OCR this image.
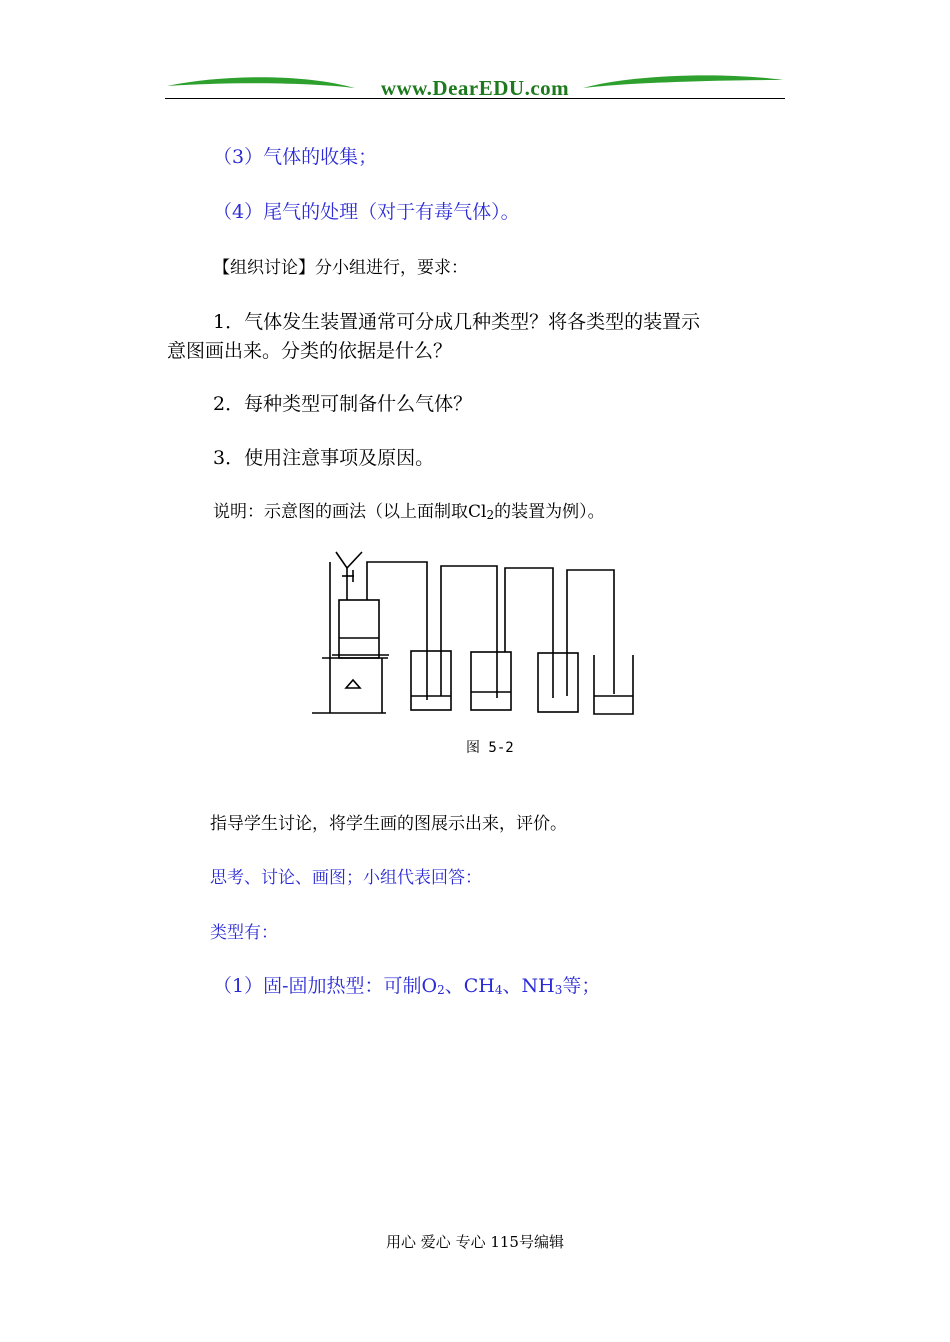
www.DearEDU.com
（3）气体的收集；
（4）尾气的处理（对于有毒气体）。
【组织讨论】分小组进行，要求：
1．气体发生装置通常可分成几种类型？将各类型的装置示
意图画出来。分类的依据是什么？
2．每种类型可制备什么气体？
3．使用注意事项及原因。
说明：示意图的画法（以上面制取$Cl_2$的装置为例）。
图 5-2
指导学生讨论，将学生画的图展示出来，评价。
思考、讨论、画图；小组代表回答：
类型有：
（1）固-固加热型：可制$O_2$、$CH_4$、$NH_3$等；
用心 爱心 专心 115号编辑
